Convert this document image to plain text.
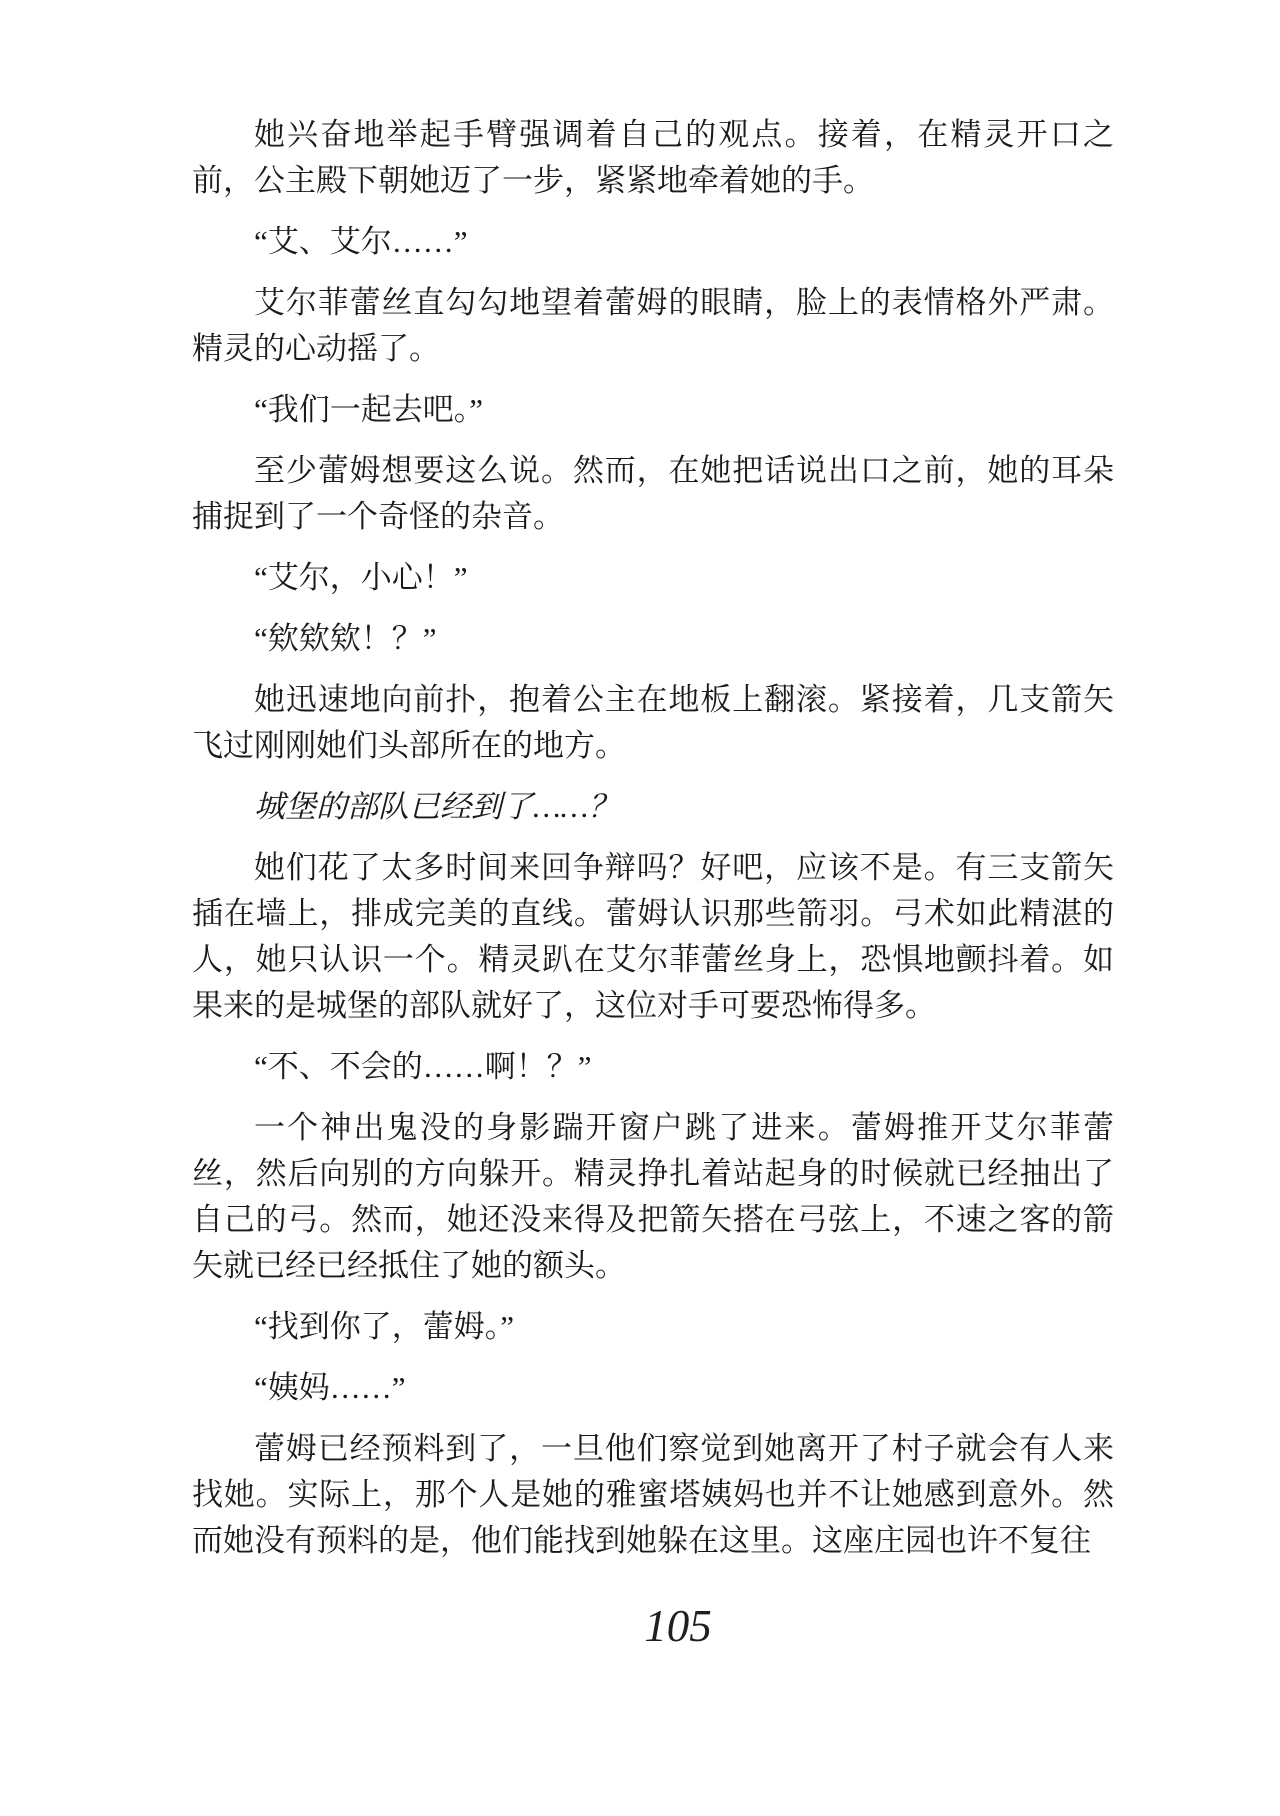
她兴奋地举起手臂强调着自己的观点。接着，在精灵开口之前，公主殿下朝她迈了一步，紧紧地牵着她的手。

“艾、艾尔……”

艾尔菲蕾丝直勾勾地望着蕾姆的眼睛，脸上的表情格外严肃。精灵的心动摇了。

“我们一起去吧。”

至少蕾姆想要这么说。然而，在她把话说出口之前，她的耳朵捕捉到了一个奇怪的杂音。

“艾尔，小心！”

“欸欸欸！？”

她迅速地向前扑，抱着公主在地板上翻滚。紧接着，几支箭矢飞过刚刚她们头部所在的地方。

城堡的部队已经到了……？

她们花了太多时间来回争辩吗？好吧，应该不是。有三支箭矢插在墙上，排成完美的直线。蕾姆认识那些箭羽。弓术如此精湛的人，她只认识一个。精灵趴在艾尔菲蕾丝身上，恐惧地颤抖着。如果来的是城堡的部队就好了，这位对手可要恐怖得多。

“不、不会的……啊！？”

一个神出鬼没的身影踹开窗户跳了进来。蕾姆推开艾尔菲蕾丝，然后向别的方向躲开。精灵挣扎着站起身的时候就已经抽出了自己的弓。然而，她还没来得及把箭矢搭在弓弦上，不速之客的箭矢就已经已经抵住了她的额头。

“找到你了，蕾姆。”

“姨妈……”

蕾姆已经预料到了，一旦他们察觉到她离开了村子就会有人来找她。实际上，那个人是她的雅蜜塔姨妈也并不让她感到意外。然而她没有预料的是，他们能找到她躲在这里。这座庄园也许不复往

105
